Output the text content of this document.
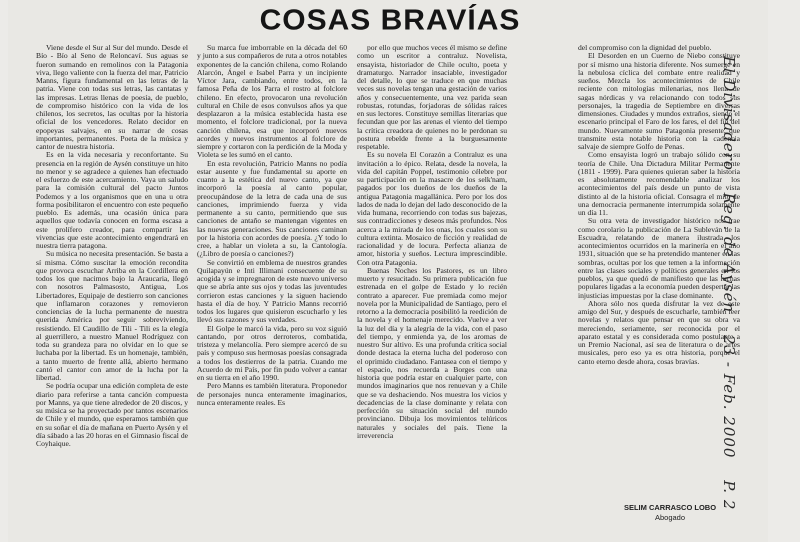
COSAS BRAVÍAS

Viene desde el Sur al Sur del mundo. Desde el Bío - Bío al Seno de Reloncaví. Sus aguas se fueron sumando en remolinos con la Patagonia viva, llego valiente con la fuerza del mar, Patricio Manns, figura fundamental en las letras de la patria. Viene con todas sus letras, las cantatas y las impresas. Letras llenas de poesía, de pueblo, de compromiso histórico con la vida de los chilenos, los secretos, las ocultas por la historia oficial de los vencedores. Relato decidor en epopeyas salvajes, en su narrar de cosas importantes, permanentes. Poeta de la música y cantor de nuestra historia.

Es en la vida necesaria y reconfortante. Su presencia en la región de Aysén constituye un hito no menor y se agradece a quienes han efectuado el esfuerzo de este acercamiento. Vaya un saludo para la comisión cultural del pacto Juntos Podemos y a los organismos que en una u otra forma posibilitaron el encuentro con este pequeño pueblo. Es además, una ocasión única para aquellos que todavía conocen en forma escasa a este prolífero creador, para compartir las vivencias que este acontecimiento engendrará en nuestra tierra patagona.

Su música no necesita presentación. Se basta a sí misma. Cómo suscitar la emoción recondita que provoca escuchar Arriba en la Cordillera en todos los que nacimos bajo la Araucaria, llegó con nosotros Palmasosto, Antigua, Los Libertadores, Equipaje de destierro son canciones que inflamaron corazones y removieron conciencias de la lucha permanente de nuestra querida América por seguir sobreviviendo, resistiendo. El Caudillo de Tili - Tili es la elegía al guerrillero, a nuestro Manuel Rodríguez con toda su grandeza para no olvidar en lo que se luchaba por la libertad. Es un homenaje, también, a tanto muerto de frente allá, abierto hermano cantó el cantor con amor de la lucha por la libertad.

Se podría ocupar una edición completa de este diario para referirse a tanta canción compuesta por Manns, ya que tiene alrededor de 20 discos, y su música se ha proyectado por tantos escenarios de Chile y el mundo, que esperamos también que en su soñar el día de mañana en Puerto Aysén y el día sábado a las 20 horas en el Gimnasio fiscal de Coyhaique.

Su marca fue imborrable en la década del 60 y junto a sus compañeros de ruta a otros notables exponentes de la canción chilena, como Rolando Alarcón, Ángel e Isabel Parra y un incipiente Víctor Jara, cambiando, entre todos, en la famosa Peña de los Parra el rostro al folclore chileno. En efecto, provocaron una revolución cultural en Chile de esos convulsos años ya que desplazaron a la música establecida hasta ese momento, el folclore tradicional, por la nueva canción chilena, esa que incorporó nuevos acordes y nuevos instrumentos al folclore de siempre y cortaron con la perdición de la Moda y Violeta se les sumó en el canto.

En esta revolución, Patricio Manns no podía estar ausente y fue fundamental su aporte en cuanto a la estética del nuevo canto, ya que incorporó la poesía al canto popular, preocupándose de la letra de cada una de sus canciones, imprimiendo fuerza y vida permanente a su canto, permitiendo que sus canciones de antaño se mantengan vigentes en las nuevas generaciones. Sus canciones caminan por la historia con acordes de poesía. ¿Y todo lo cree, a hablar un violeta a su, la Cantología. (¿Libro de poesía o canciones?)

Se convirtió en emblema de nuestros grandes Quilapayún e Inti Illimani consecuente de su acogida y se impregnaron de este nuevo universo que se abría ante sus ojos y todas las juventudes corrieron estas canciones y la siguen haciendo hasta el día de hoy. Y Patricio Manns recorrió todos los lugares que quisieron escucharlo y les llevó sus razones y sus verdades.

El Golpe le marcó la vida, pero su voz siguió cantando, por otros derroteros, combatida, tristeza y melancolía. Pero siempre acercó de su país y compuso sus hermosas poesías consagrada a todos los destierros de la patria. Cuando me Acuerdo de mi País, por fin pudo volver a cantar en su tierra en el año 1990.

Pero Manns es también literatura. Proponedor de personajes nunca enteramente imaginarios, nunca enteramente reales. Es

por ello que muchos veces él mismo se define como un escritor a contraluz. Novelista, ensayista, historiador de Chile oculto, poeta y dramaturgo. Narrador insaciable, investigador del detalle, lo que se traduce en que muchas veces sus novelas tengan una gestación de varios años y consecuentemente, una vez parida sean robustas, rotundas, forjadoras de sólidas raíces en sus lectores. Constituye semillas literarias que fecundan que por las arenas el viento del tiempo la crítica creadora de quienes no le perdonan su postura rebelde frente a la burguesamente respetable.

Es su novela El Corazón a Contraluz es una invitación a lo épico. Relata, desde la novela, la vida del capitán Poppel, testimonio célebre por su participación en la masacre de los selk'nam, pagados por los dueños de los dueños de la antigua Patagonia magallánica. Pero por los dos lados de nada lo dejan del lado desconocido de la vida humana, recorriendo con todas sus bajezas, sus contradicciones y deseos más profundos. Nos acerca a la mirada de los onas, los cuales son su cultura extinta. Mosaico de ficción y realidad de racionalidad y de locura. Perfecta alianza de amor, historia y sueños. Lectura imprescindible. Con otra Patagonia.

Buenas Noches los Pastores, es un libro muerto y resucitado. Su primera publicación fue estrenada en el golpe de Estado y lo recién contrato a aparecer. Fue premiada como mejor novela por la Municipalidad de Santiago, pero el retorno a la democracia posibilitó la reedición de la novela y el homenaje merecido. Vuelve a ver la luz del día y la alegría de la vida, con el paso del tiempo, y enmienda ya, de los aromas de nuestro Sur altivo. Es una profunda crítica social donde destaca la eterna lucha del poderoso con el oprimido ciudadano. Fantasea con el tiempo y el espacio, nos recuerda a Borges con una historia que podría estar en cualquier parte, con mundos imaginarios que nos renuevan y a Chile que se va deshaciendo. Nos muestra los vicios y decadencias de la clase dominante y relata con perfección su situación social del mundo provinciano. Dibuja los movimientos telúricos naturales y sociales del país. Tiene la irreverencia

del compromiso con la dignidad del pueblo.

El Desorden en un Cuerno de Niebo constituye por sí mismo una historia diferente. Nos sumerge en la nebulosa cíclica del combate entre realidad y sueños. Mezcla los acontecimientos de Chile reciente con mitologías milenarias, nos llena de sagas nórdicas y va relacionando con todos sus personajes, la tragedia de Septiembre en diversas dimensiones. Ciudades y mundos extraños, siendo el escenario principal el Faro de los fares, el del fin del mundo. Nuevamente sumo Patagonia presente, que transmite esta notable historia con la cadencia salvaje de siempre Golfo de Penas.

Como ensayista logró un trabajo sólido con su teoría de Chile. Una Dictadura Militar Permanente (1811 - 1999). Para quienes quieran saber la historia es absolutamente recomendable analizar los acontecimientos del país desde un punto de vista distinto al de la historia oficial. Consagra el mito de una democracia permanente interrumpida solamente un día 11.

Su otra veta de investigador histórico nos trae como corolario la publicación de La Subleván de la Escuadra, relatando de manera ilustrada los acontecimientos ocurridos en la marinería en el año 1931, situación que se ha pretendido mantener en las sombras, ocultas por los que temen a la información entre las clases sociales y políticos generales en los pueblos, ya que quedó de manifiesto que las luchas populares ligadas a la economía pueden despertar las injusticias impuestas por la clase dominante.

Ahora sólo nos queda disfrutar la vez de este amigo del Sur, y después de escucharle, también leer novelas y relatos que pensar en que su obra va mereciendo, seriamente, ser reconocida por el aparato estatal y es considerada como postulante a un Premio Nacional, así sea de literatura o de artes musicales, pero eso ya es otra historia, porque el canto eterno desde ahora, cosas bravías.

SELIM CARRASCO LOBO
Abogado
El Divisadero Reg. de Aysén 23 - Feb. 2000 P. 2
